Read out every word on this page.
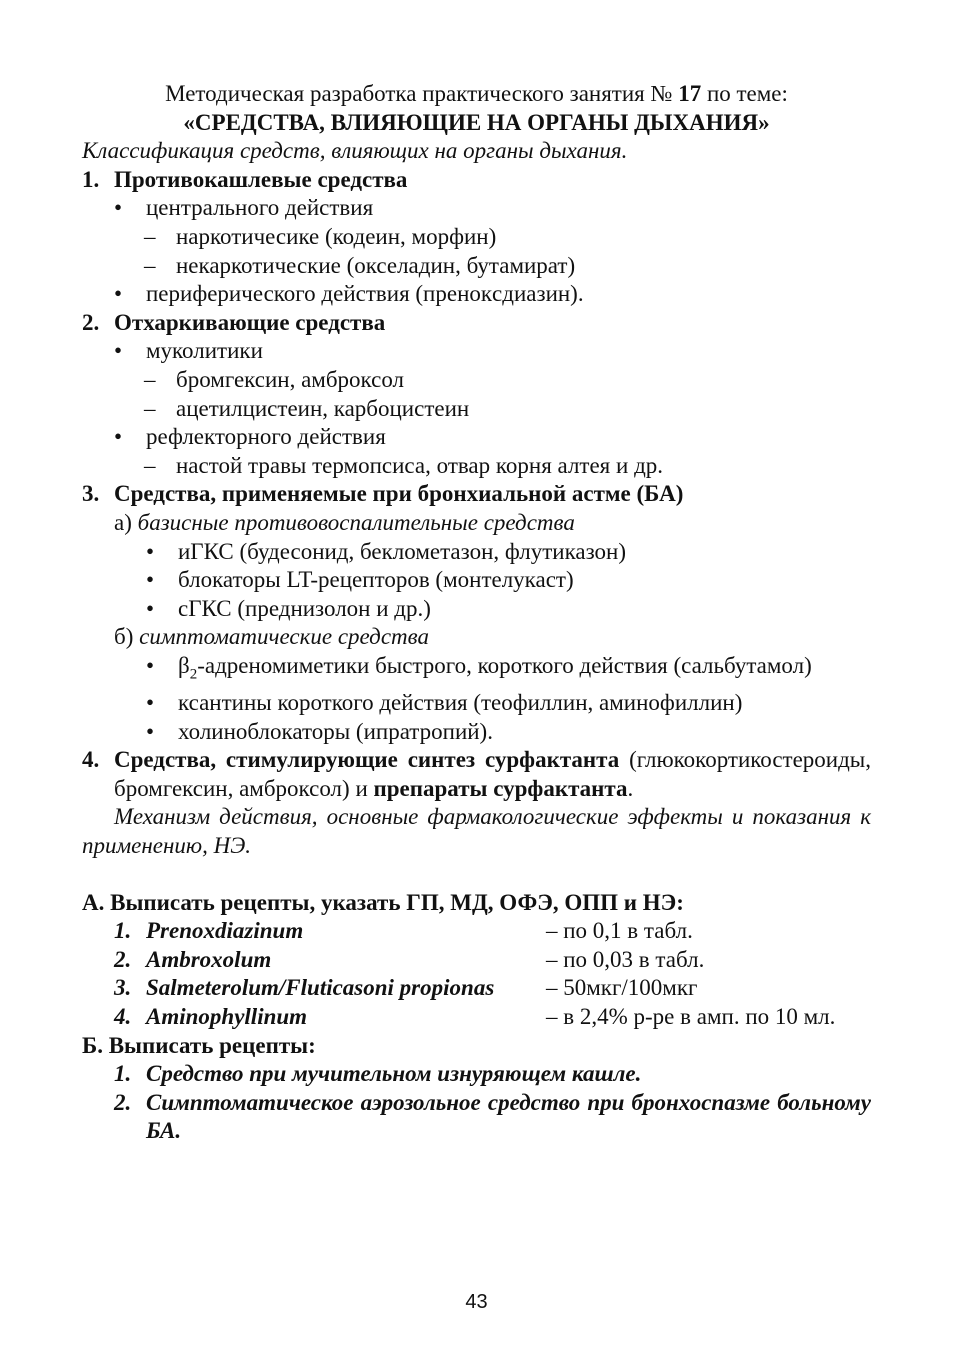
Методическая разработка практического занятия № 17 по теме:
«СРЕДСТВА, ВЛИЯЮЩИЕ НА ОРГАНЫ ДЫХАНИЯ»
Классификация средств, влияющих на органы дыхания.
1. Противокашлевые средства
•	центрального действия
– наркотичесике (кодеин, морфин)
– некаркотические (окселадин, бутамират)
•	периферического действия (пренокcдиазин).
2. Отхаркивающие средства
•	муколитики
– бромгексин, амброксол
– ацетилцистеин, карбоцистеин
•	рефлекторного действия
– настой травы термопсиса, отвар корня алтея и др.
3. Средства, применяемые при бронхиальной астме (БА)
а) базисные противовоспалительные средства
•	иГКС (будесонид, беклометазон, флутиказон)
•	блокаторы LT-рецепторов (монтелукаст)
•	сГКС (преднизолон и др.)
б) симптоматические средства
•	$\beta_2$-адреномиметики быстрого, короткого действия (сальбутамол)
•	ксантины короткого действия (теофиллин, аминофиллин)
•	холиноблокаторы (ипратропий).
4. Средства, стимулирующие синтез сурфактанта (глюкокортикостероиды, бромгексин, амброксол) и препараты сурфактанта.
Механизм действия, основные фармакологические эффекты и показания к применению, НЭ.
А. Выписать рецепты, указать ГП, МД, ОФЭ, ОПП и НЭ:
1. Prenoxdiazinum	– по 0,1 в табл.
2. Ambroxolum	– по 0,03 в табл.
3. Salmeterolum/Fluticasoni propionas	– 50мкг/100мкг
4. Aminophyllinum	– в 2,4% р-ре в амп. по 10 мл.
Б. Выписать рецепты:
1. Средство при мучительном изнуряющем кашле.
2. Симптоматическое аэрозольное средство при бронхоспазме больному БА.
43
